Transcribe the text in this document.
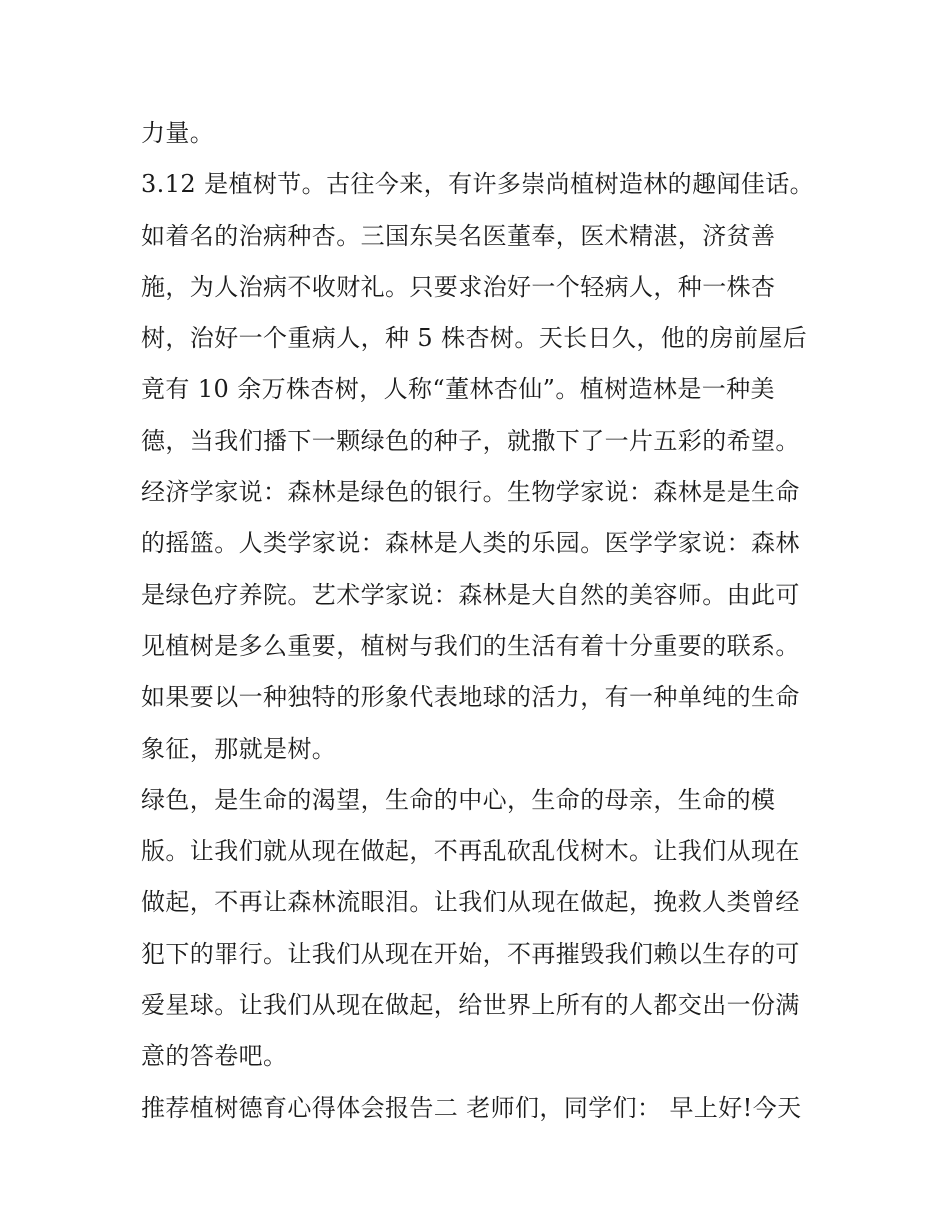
力量。

3.12 是植树节。古往今来，有许多崇尚植树造林的趣闻佳话。

如着名的治病种杏。三国东吴名医董奉，医术精湛，济贫善

施，为人治病不收财礼。只要求治好一个轻病人，种一株杏

树，治好一个重病人，种 5 株杏树。天长日久，他的房前屋后

竟有 10 余万株杏树，人称“董林杏仙”。植树造林是一种美

德，当我们播下一颗绿色的种子，就撒下了一片五彩的希望。

经济学家说：森林是绿色的银行。生物学家说：森林是是生命

的摇篮。人类学家说：森林是人类的乐园。医学学家说：森林

是绿色疗养院。艺术学家说：森林是大自然的美容师。由此可

见植树是多么重要，植树与我们的生活有着十分重要的联系。

如果要以一种独特的形象代表地球的活力，有一种单纯的生命

象征，那就是树。

绿色，是生命的渴望，生命的中心，生命的母亲，生命的模

版。让我们就从现在做起，不再乱砍乱伐树木。让我们从现在

做起，不再让森林流眼泪。让我们从现在做起，挽救人类曾经

犯下的罪行。让我们从现在开始，不再摧毁我们赖以生存的可

爱星球。让我们从现在做起，给世界上所有的人都交出一份满

意的答卷吧。

推荐植树德育心得体会报告二 老师们，同学们： 早上好!今天
